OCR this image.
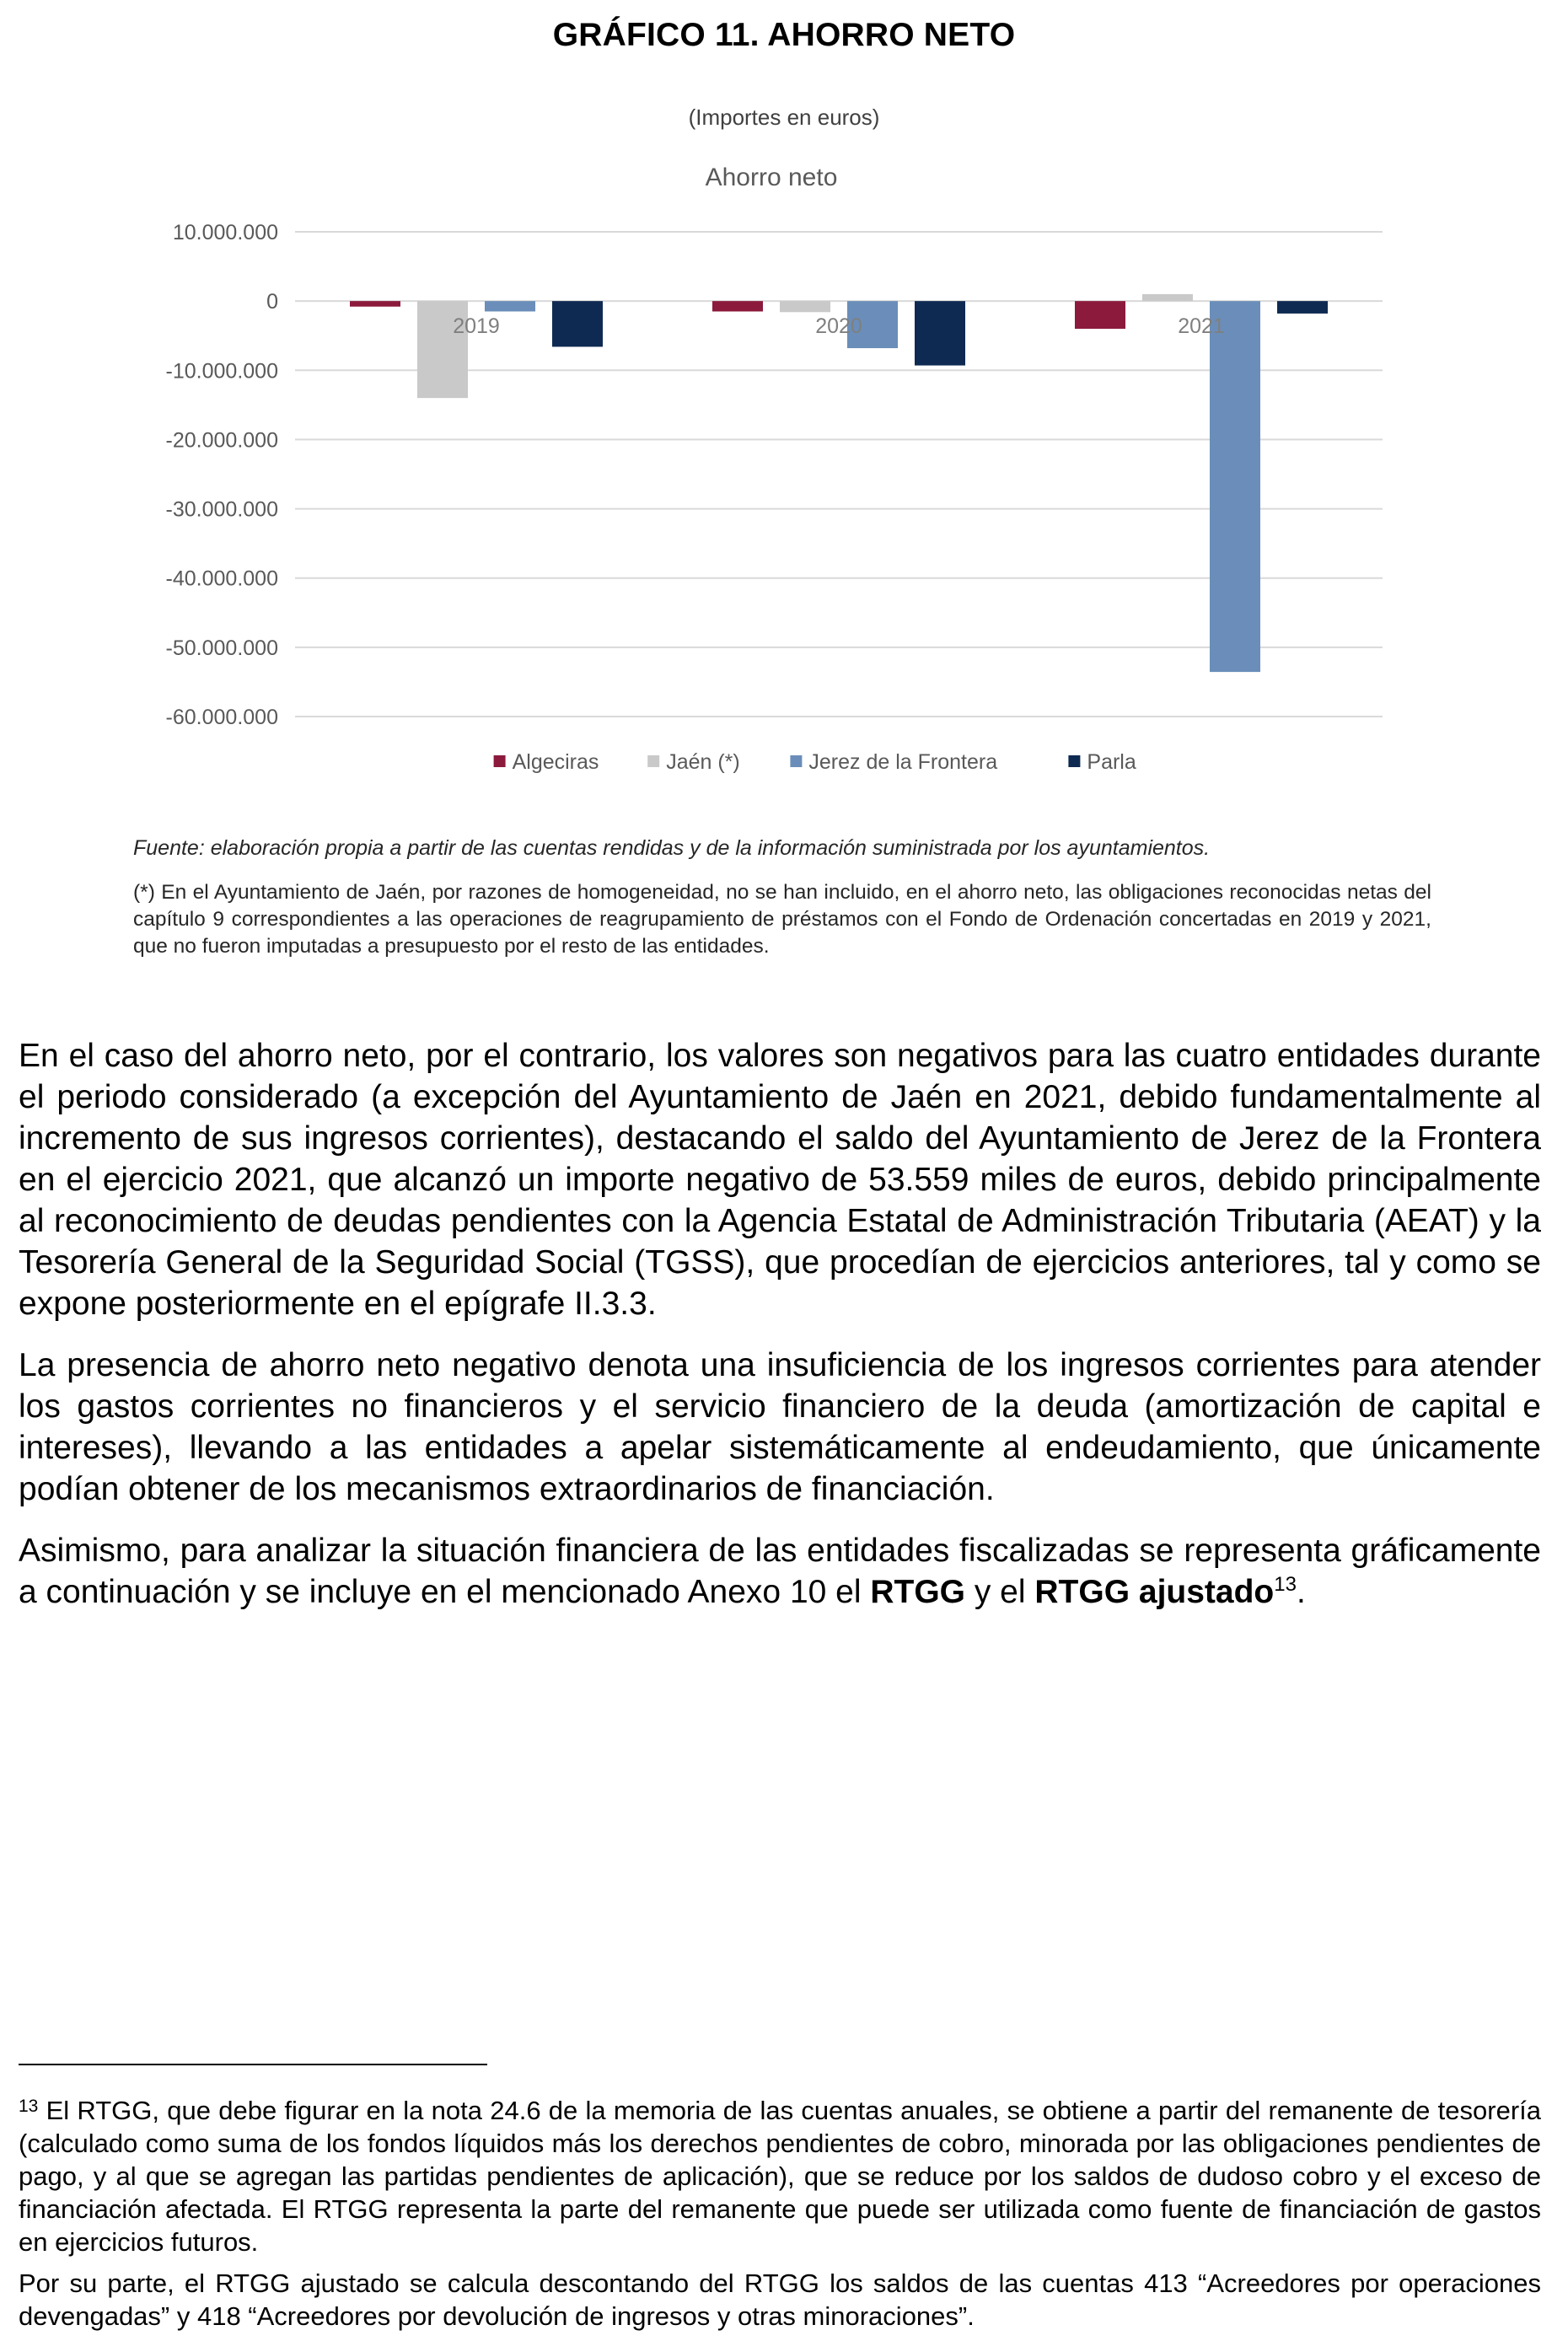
GRÁFICO 11. AHORRO NETO
(Importes en euros)
Ahorro neto
10.000.000
0
-10.000.000
-20.000.000
-30.000.000
-40.000.000
-50.000.000
-60.000.000
2019	2020	2021
Algeciras	Jaén (*)	Jerez de la Frontera	Parla
Fuente: elaboración propia a partir de las cuentas rendidas y de la información suministrada por los ayuntamientos.
(*) En el Ayuntamiento de Jaén, por razones de homogeneidad, no se han incluido, en el ahorro neto, las obligaciones reconocidas netas del capítulo 9 correspondientes a las operaciones de reagrupamiento de préstamos con el Fondo de Ordenación concertadas en 2019 y 2021, que no fueron imputadas a presupuesto por el resto de las entidades.

En el caso del ahorro neto, por el contrario, los valores son negativos para las cuatro entidades durante el periodo considerado (a excepción del Ayuntamiento de Jaén en 2021, debido fundamentalmente al incremento de sus ingresos corrientes), destacando el saldo del Ayuntamiento de Jerez de la Frontera en el ejercicio 2021, que alcanzó un importe negativo de 53.559 miles de euros, debido principalmente al reconocimiento de deudas pendientes con la Agencia Estatal de Administración Tributaria (AEAT) y la Tesorería General de la Seguridad Social (TGSS), que procedían de ejercicios anteriores, tal y como se expone posteriormente en el epígrafe II.3.3.

La presencia de ahorro neto negativo denota una insuficiencia de los ingresos corrientes para atender los gastos corrientes no financieros y el servicio financiero de la deuda (amortización de capital e intereses), llevando a las entidades a apelar sistemáticamente al endeudamiento, que únicamente podían obtener de los mecanismos extraordinarios de financiación.

Asimismo, para analizar la situación financiera de las entidades fiscalizadas se representa gráficamente a continuación y se incluye en el mencionado Anexo 10 el RTGG y el RTGG ajustado$^{13}$.

$^{13}$ El RTGG, que debe figurar en la nota 24.6 de la memoria de las cuentas anuales, se obtiene a partir del remanente de tesorería (calculado como suma de los fondos líquidos más los derechos pendientes de cobro, minorada por las obligaciones pendientes de pago, y al que se agregan las partidas pendientes de aplicación), que se reduce por los saldos de dudoso cobro y el exceso de financiación afectada. El RTGG representa la parte del remanente que puede ser utilizada como fuente de financiación de gastos en ejercicios futuros.

Por su parte, el RTGG ajustado se calcula descontando del RTGG los saldos de las cuentas 413 “Acreedores por operaciones devengadas” y 418 “Acreedores por devolución de ingresos y otras minoraciones”.
